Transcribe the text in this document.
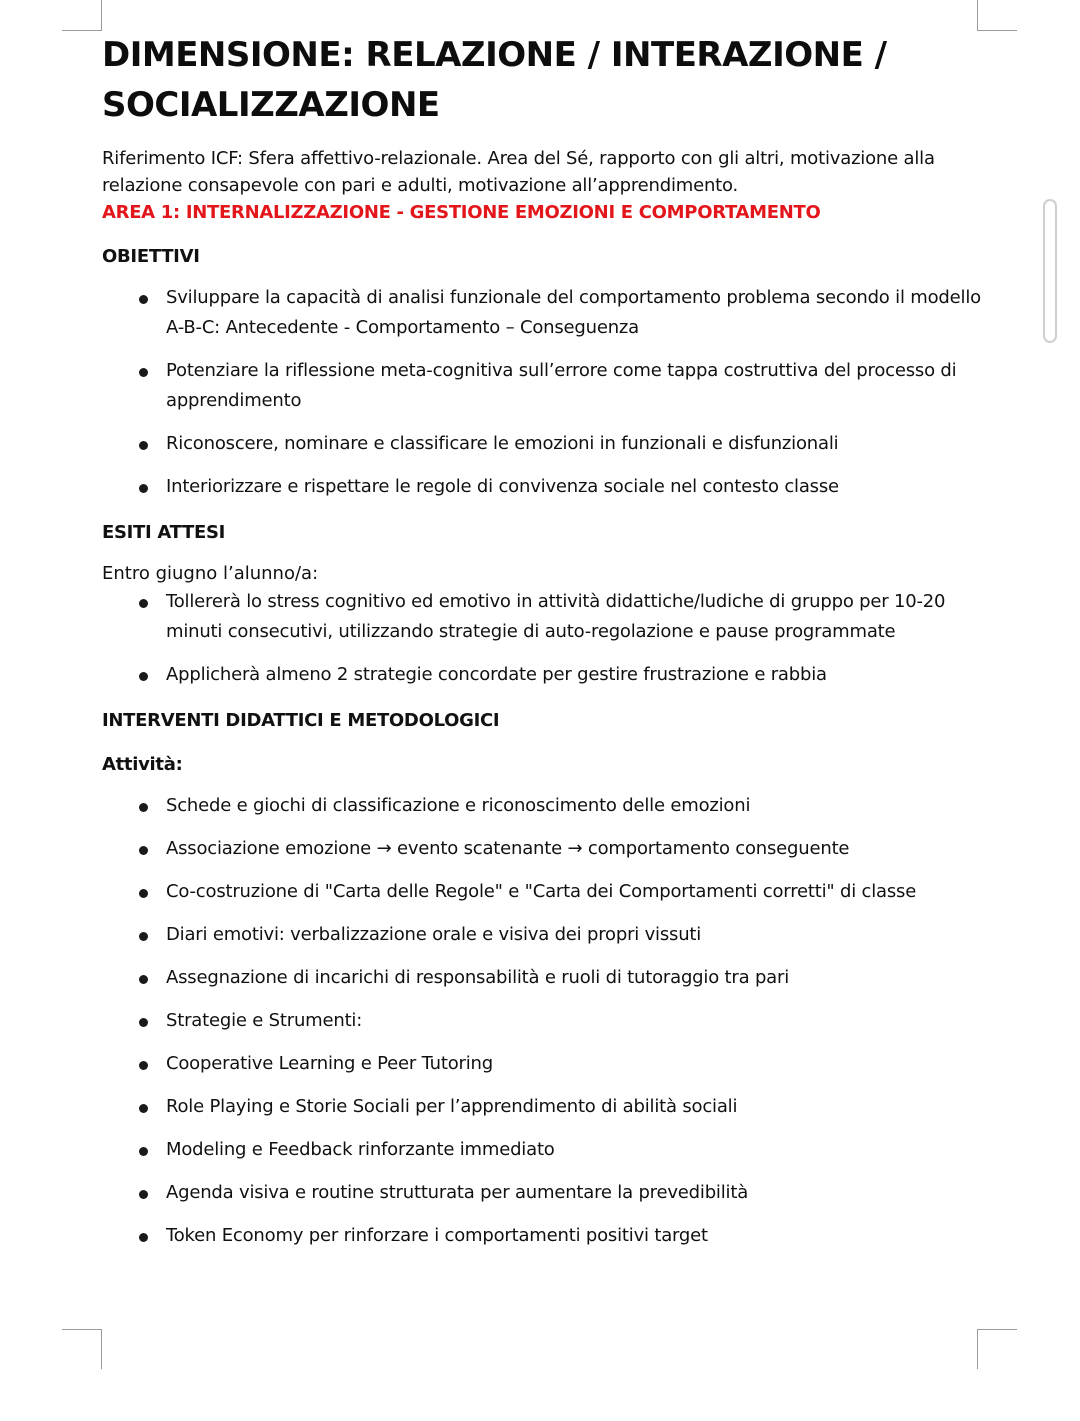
DIMENSIONE: RELAZIONE / INTERAZIONE / SOCIALIZZAZIONE

Riferimento ICF: Sfera affettivo-relazionale. Area del Sé, rapporto con gli altri, motivazione alla relazione consapevole con pari e adulti, motivazione all’apprendimento.

AREA 1: INTERNALIZZAZIONE - GESTIONE EMOZIONI E COMPORTAMENTO

OBIETTIVI

Sviluppare la capacità di analisi funzionale del comportamento problema secondo il modello A-B-C: Antecedente - Comportamento – Conseguenza
Potenziare la riflessione meta-cognitiva sull’errore come tappa costruttiva del processo di apprendimento
Riconoscere, nominare e classificare le emozioni in funzionali e disfunzionali
Interiorizzare e rispettare le regole di convivenza sociale nel contesto classe

ESITI ATTESI

Entro giugno l’alunno/a:

Tollererà lo stress cognitivo ed emotivo in attività didattiche/ludiche di gruppo per 10-20 minuti consecutivi, utilizzando strategie di auto-regolazione e pause programmate
Applicherà almeno 2 strategie concordate per gestire frustrazione e rabbia

INTERVENTI DIDATTICI E METODOLOGICI

Attività:

Schede e giochi di classificazione e riconoscimento delle emozioni
Associazione emozione → evento scatenante → comportamento conseguente
Co-costruzione di "Carta delle Regole" e "Carta dei Comportamenti corretti" di classe
Diari emotivi: verbalizzazione orale e visiva dei propri vissuti
Assegnazione di incarichi di responsabilità e ruoli di tutoraggio tra pari
Strategie e Strumenti:
Cooperative Learning e Peer Tutoring
Role Playing e Storie Sociali per l’apprendimento di abilità sociali
Modeling e Feedback rinforzante immediato
Agenda visiva e routine strutturata per aumentare la prevedibilità
Token Economy per rinforzare i comportamenti positivi target
